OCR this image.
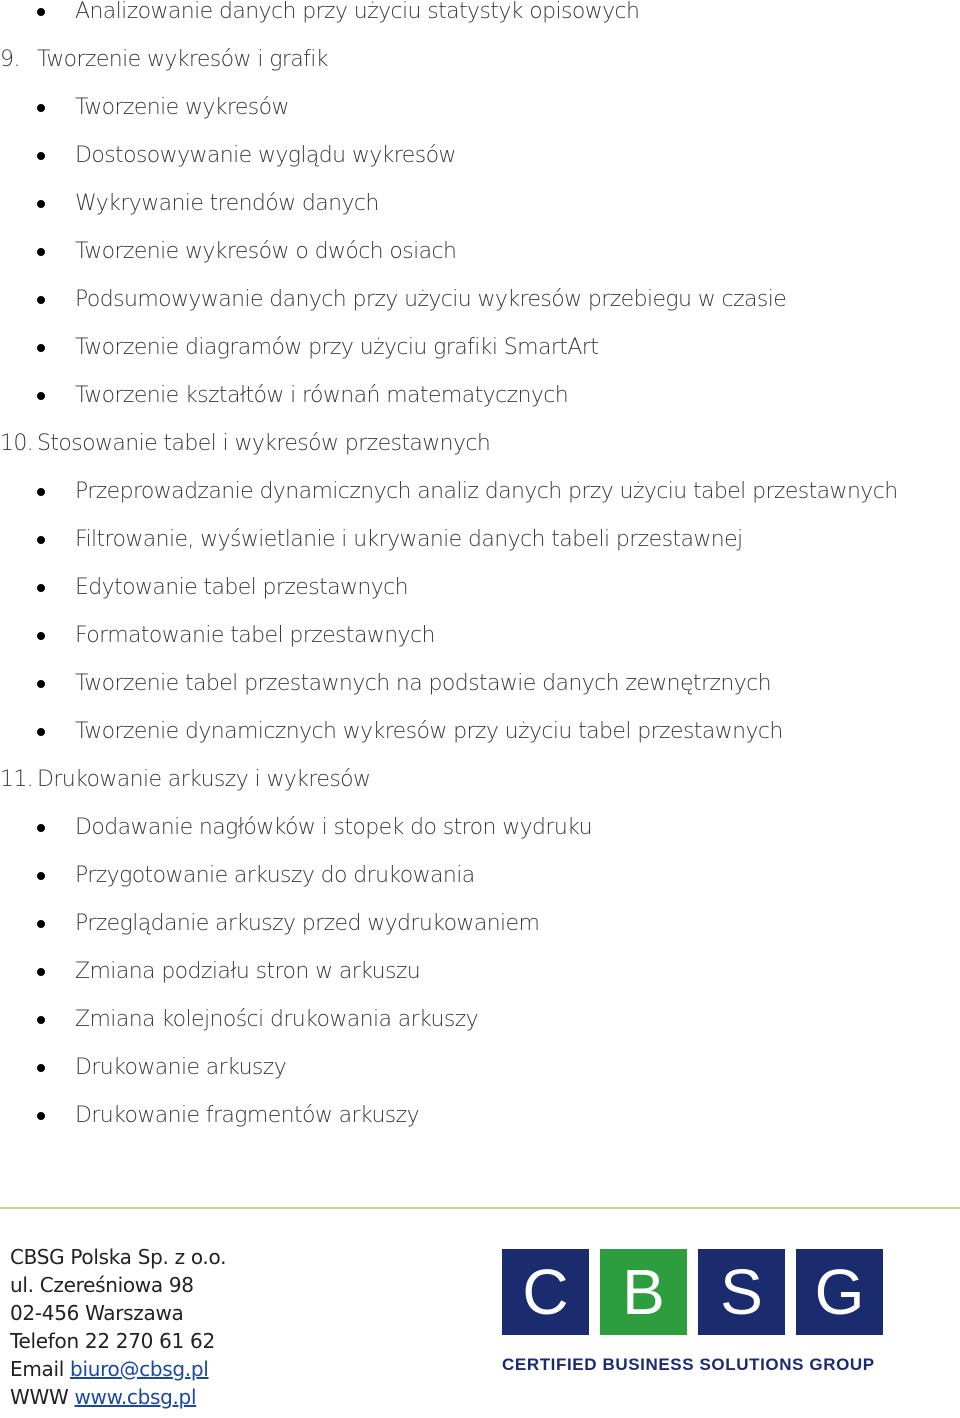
Analizowanie danych przy użyciu statystyk opisowych
9. Tworzenie wykresów i grafik
Tworzenie wykresów
Dostosowywanie wyglądu wykresów
Wykrywanie trendów danych
Tworzenie wykresów o dwóch osiach
Podsumowywanie danych przy użyciu wykresów przebiegu w czasie
Tworzenie diagramów przy użyciu grafiki SmartArt
Tworzenie kształtów i równań matematycznych
10. Stosowanie tabel i wykresów przestawnych
Przeprowadzanie dynamicznych analiz danych przy użyciu tabel przestawnych
Filtrowanie, wyświetlanie i ukrywanie danych tabeli przestawnej
Edytowanie tabel przestawnych
Formatowanie tabel przestawnych
Tworzenie tabel przestawnych na podstawie danych zewnętrznych
Tworzenie dynamicznych wykresów przy użyciu tabel przestawnych
11. Drukowanie arkuszy i wykresów
Dodawanie nagłówków i stopek do stron wydruku
Przygotowanie arkuszy do drukowania
Przeglądanie arkuszy przed wydrukowaniem
Zmiana podziału stron w arkuszu
Zmiana kolejności drukowania arkuszy
Drukowanie arkuszy
Drukowanie fragmentów arkuszy
CBSG Polska Sp. z o.o.
ul. Czereśniowa 98
02-456 Warszawa
Telefon 22 270 61 62
Email biuro@cbsg.pl
WWW www.cbsg.pl
C B S G
CERTIFIED BUSINESS SOLUTIONS GROUP
